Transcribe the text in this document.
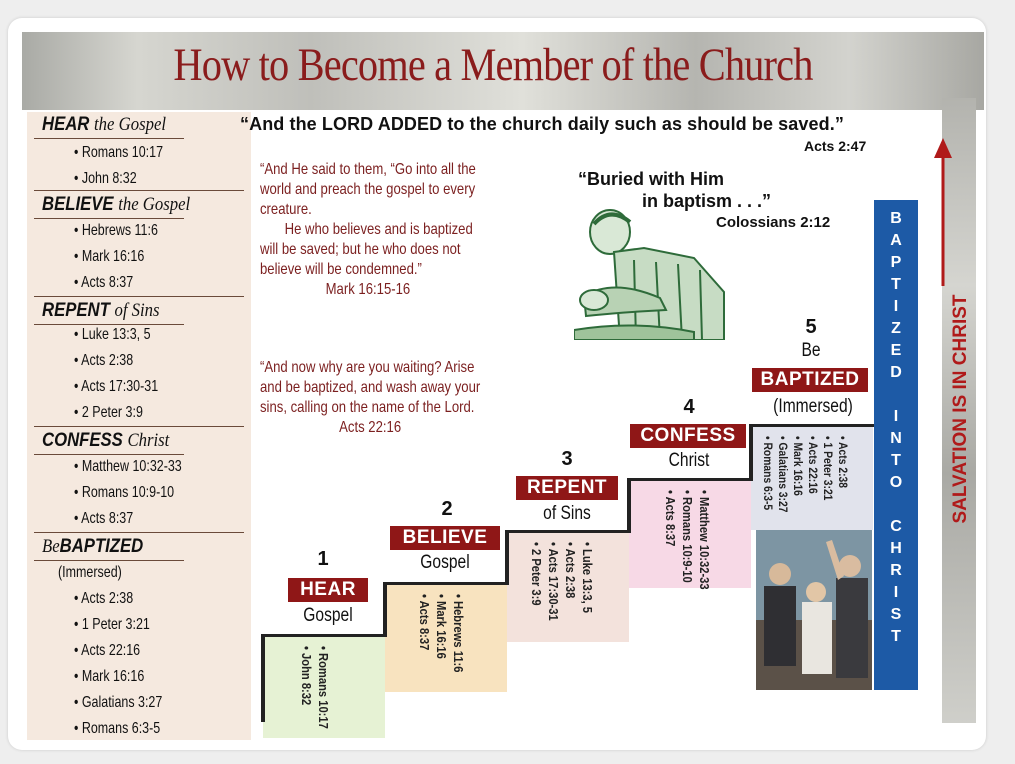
How to Become a Member of the Church
HEAR the Gospel
• Romans 10:17
• John 8:32
BELIEVE the Gospel
• Hebrews 11:6
• Mark 16:16
• Acts 8:37
REPENT of Sins
• Luke 13:3, 5
• Acts 2:38
• Acts 17:30-31
• 2 Peter 3:9
CONFESS Christ
• Matthew 10:32-33
• Romans 10:9-10
• Acts 8:37
BeBAPTIZED
(Immersed)
• Acts 2:38
• 1 Peter 3:21
• Acts 22:16
• Mark 16:16
• Galatians 3:27
• Romans 6:3-5
“And the LORD ADDED to the church daily such as should be saved.”
Acts 2:47
“And He said to them, “Go into all the
world and preach the gospel to every
creature.
He who believes and is baptized
will be saved; but he who does not
believe will be condemned.”
Mark 16:15-16
“And now why are you waiting? Arise
and be baptized, and wash away your
sins, calling on the name of the Lord.
Acts 22:16
“Buried with Him
in baptism . . .”
Colossians 2:12
1
HEAR
Gospel
• Romans 10:17
• John 8:32
2
BELIEVE
Gospel
• Hebrews 11:6
• Mark 16:16
• Acts 8:37
3
REPENT
of Sins
• Luke 13:3, 5
• Acts 2:38
• Acts 17:30-31
• 2 Peter 3:9
4
CONFESS
Christ
• Matthew 10:32-33
• Romans 10:9-10
• Acts 8:37
5
Be
BAPTIZED
(Immersed)
• Acts 2:38
• 1 Peter 3:21
• Acts 22:16
• Mark 16:16
• Galatians 3:27
• Romans 6:3-5
B
A
P
T
I
Z
E
D
I
N
T
O
C
H
R
I
S
T
SALVATION IS IN CHRIST
